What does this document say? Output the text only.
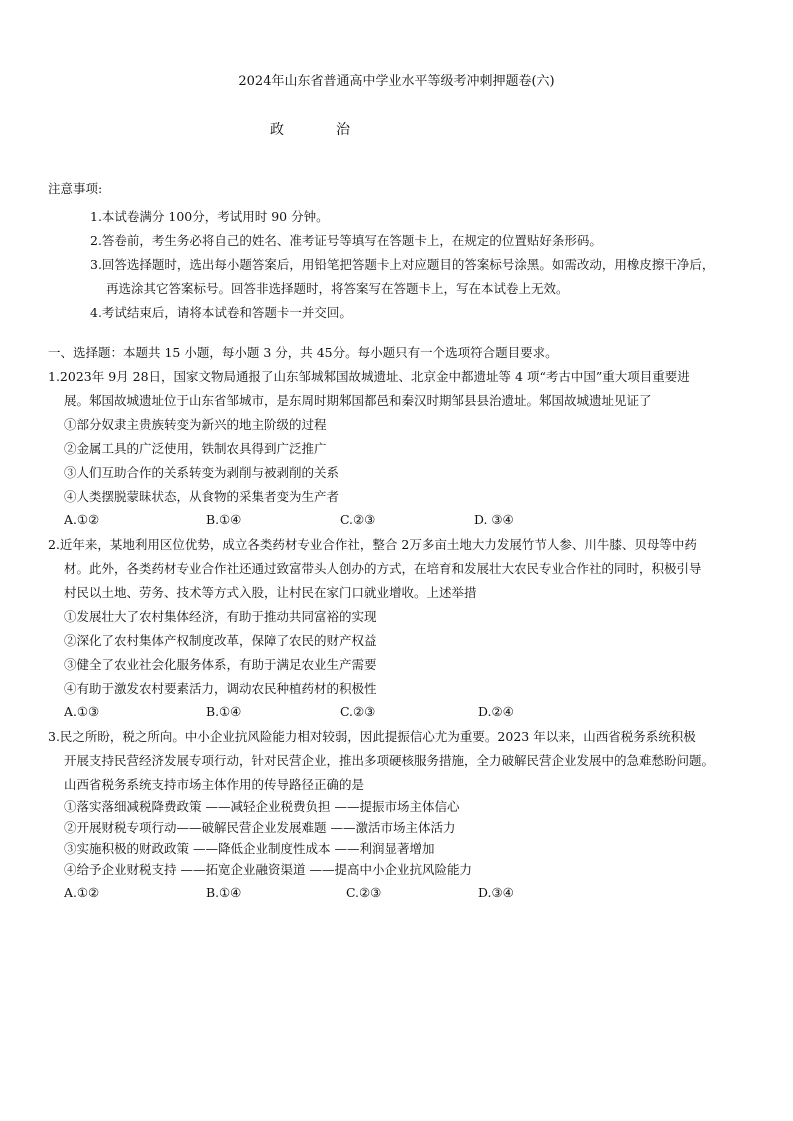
2024年山东省普通高中学业水平等级考冲刺押题卷(六)
政	治
注意事项:
1.本试卷满分 100分，考试用时 90 分钟。
2.答卷前，考生务必将自己的姓名、准考证号等填写在答题卡上，在规定的位置贴好条形码。
3.回答选择题时，选出每小题答案后，用铅笔把答题卡上对应题目的答案标号涂黑。如需改动，用橡皮擦干净后，
再选涂其它答案标号。回答非选择题时，将答案写在答题卡上，写在本试卷上无效。
4.考试结束后，请将本试卷和答题卡一并交回。
一、选择题：本题共 15 小题，每小题 3 分，共 45分。每小题只有一个选项符合题目要求。
1.2023年 9月 28日，国家文物局通报了山东邹城邾国故城遗址、北京金中都遗址等 4 项“考古中国”重大项目重要进
展。邾国故城遗址位于山东省邹城市，是东周时期邾国都邑和秦汉时期邹县县治遗址。邾国故城遗址见证了
①部分奴隶主贵族转变为新兴的地主阶级的过程
②金属工具的广泛使用，铁制农具得到广泛推广
③人们互助合作的关系转变为剥削与被剥削的关系
④人类摆脱蒙昧状态，从食物的采集者变为生产者
A.①②	B.①④	C.②③	D. ③④
2.近年来，某地利用区位优势，成立各类药材专业合作社，整合 2万多亩土地大力发展竹节人参、川牛膝、贝母等中药
材。此外，各类药材专业合作社还通过致富带头人创办的方式，在培育和发展壮大农民专业合作社的同时，积极引导
村民以土地、劳务、技术等方式入股，让村民在家门口就业增收。上述举措
①发展壮大了农村集体经济，有助于推动共同富裕的实现
②深化了农村集体产权制度改革，保障了农民的财产权益
③健全了农业社会化服务体系，有助于满足农业生产需要
④有助于激发农村要素活力，调动农民种植药材的积极性
A.①③	B.①④	C.②③	D.②④
3.民之所盼，税之所向。中小企业抗风险能力相对较弱，因此提振信心尤为重要。2023 年以来，山西省税务系统积极
开展支持民营经济发展专项行动，针对民营企业，推出多项硬核服务措施，全力破解民营企业发展中的急难愁盼问题。
山西省税务系统支持市场主体作用的传导路径正确的是
①落实落细减税降费政策 ——减轻企业税费负担 ——提振市场主体信心
②开展财税专项行动——破解民营企业发展难题 ——激活市场主体活力
③实施积极的财政政策 ——降低企业制度性成本 ——利润显著增加
④给予企业财税支持 ——拓宽企业融资渠道 ——提高中小企业抗风险能力
A.①②	B.①④	C.②③	D.③④
